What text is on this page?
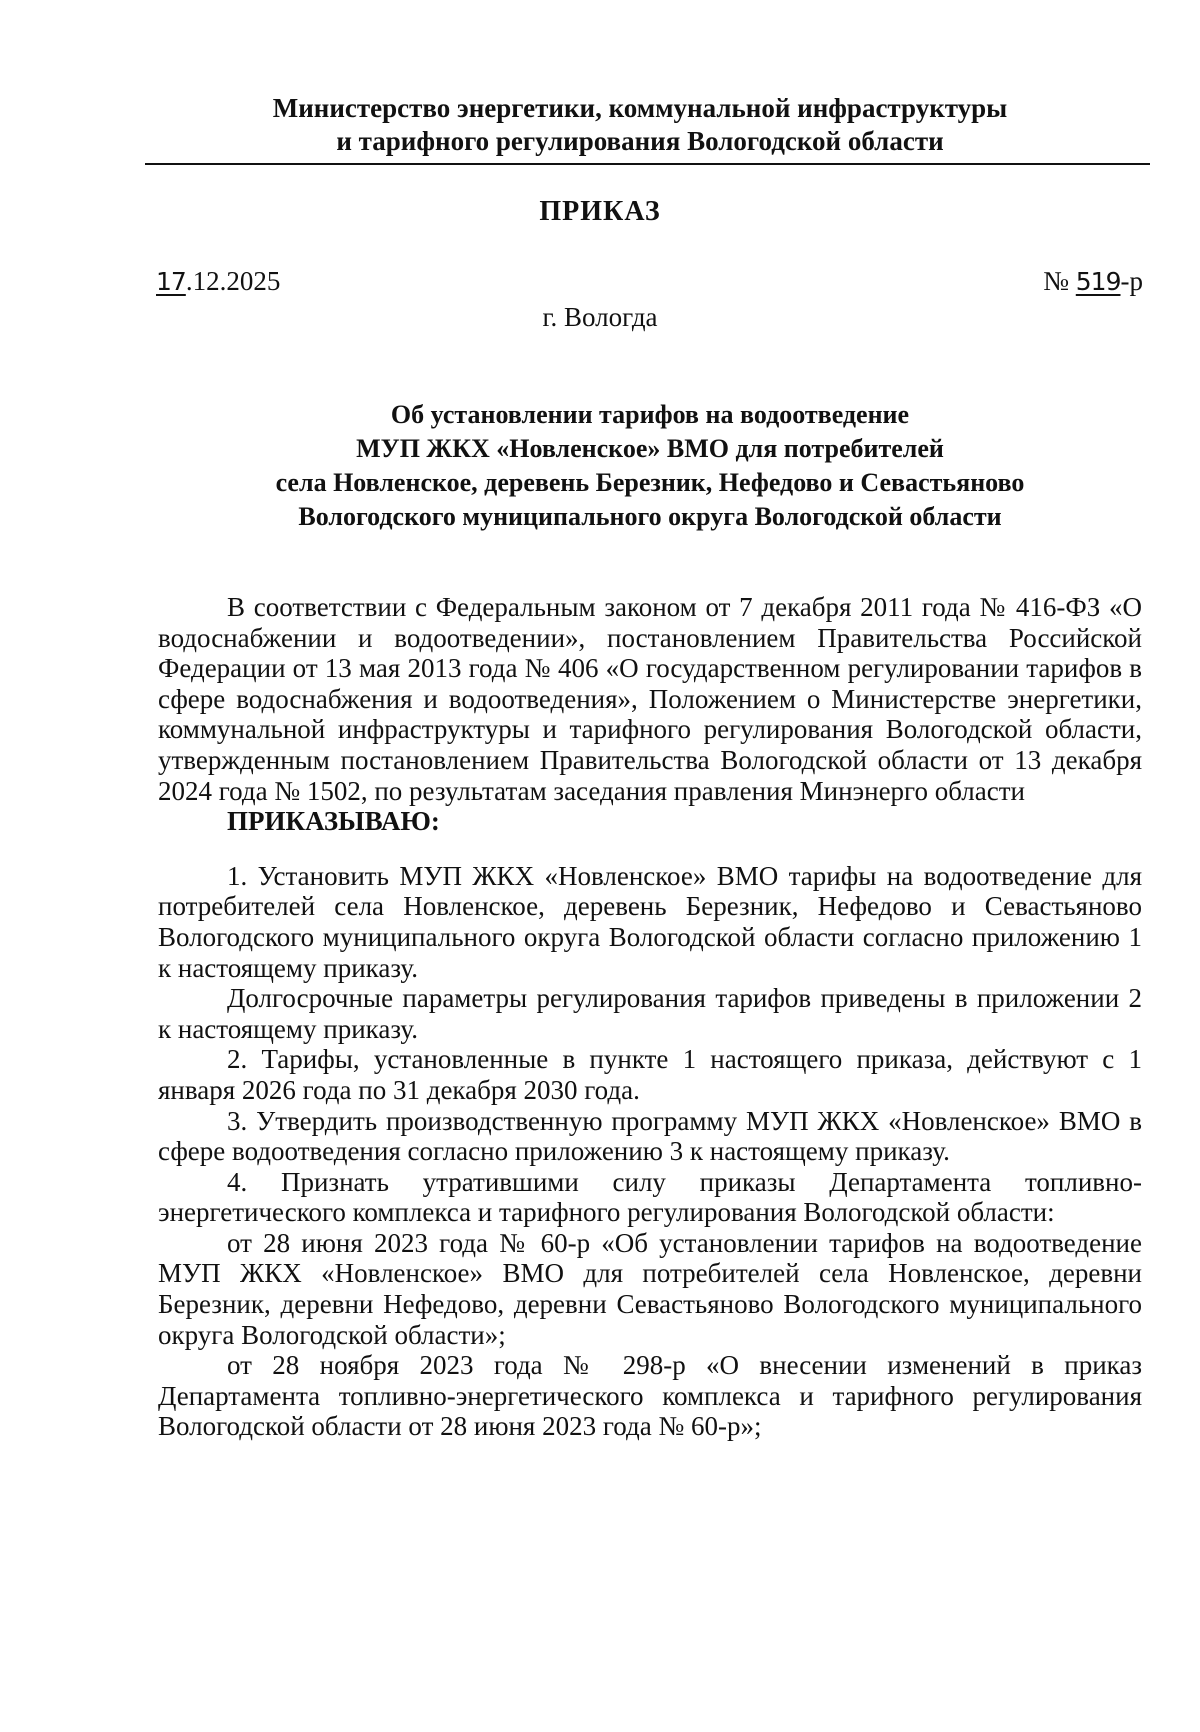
Министерство энергетики, коммунальной инфраструктуры
и тарифного регулирования Вологодской области
ПРИКАЗ
17.12.2025	№ 519-р
г. Вологда
Об установлении тарифов на водоотведение
МУП ЖКХ «Новленское» ВМО для потребителей
села Новленское, деревень Березник, Нефедово и Севастьяново
Вологодского муниципального округа Вологодской области

В соответствии с Федеральным законом от 7 декабря 2011 года № 416-ФЗ «О водоснабжении и водоотведении», постановлением Правительства Российской Федерации от 13 мая 2013 года № 406 «О государственном регулировании тарифов в сфере водоснабжения и водоотведения», Положением о Министерстве энергетики, коммунальной инфраструктуры и тарифного регулирования Вологодской области, утвержденным постановлением Правительства Вологодской области от 13 декабря 2024 года № 1502, по результатам заседания правления Минэнерго области

ПРИКАЗЫВАЮ:

1. Установить МУП ЖКХ «Новленское» ВМО тарифы на водоотведение для потребителей села Новленское, деревень Березник, Нефедово и Севастьяново Вологодского муниципального округа Вологодской области согласно приложению 1 к настоящему приказу.

Долгосрочные параметры регулирования тарифов приведены в приложении 2 к настоящему приказу.

2. Тарифы, установленные в пункте 1 настоящего приказа, действуют с 1 января 2026 года по 31 декабря 2030 года.

3. Утвердить производственную программу МУП ЖКХ «Новленское» ВМО в сфере водоотведения согласно приложению 3 к настоящему приказу.

4. Признать утратившими силу приказы Департамента топливно-энергетического комплекса и тарифного регулирования Вологодской области:

от 28 июня 2023 года № 60-р «Об установлении тарифов на водоотведение МУП ЖКХ «Новленское» ВМО для потребителей села Новленское, деревни Березник, деревни Нефедово, деревни Севастьяново Вологодского муниципального округа Вологодской области»;

от 28 ноября 2023 года № 298-р «О внесении изменений в приказ Департамента топливно-энергетического комплекса и тарифного регулирования Вологодской области от 28 июня 2023 года № 60-р»;
